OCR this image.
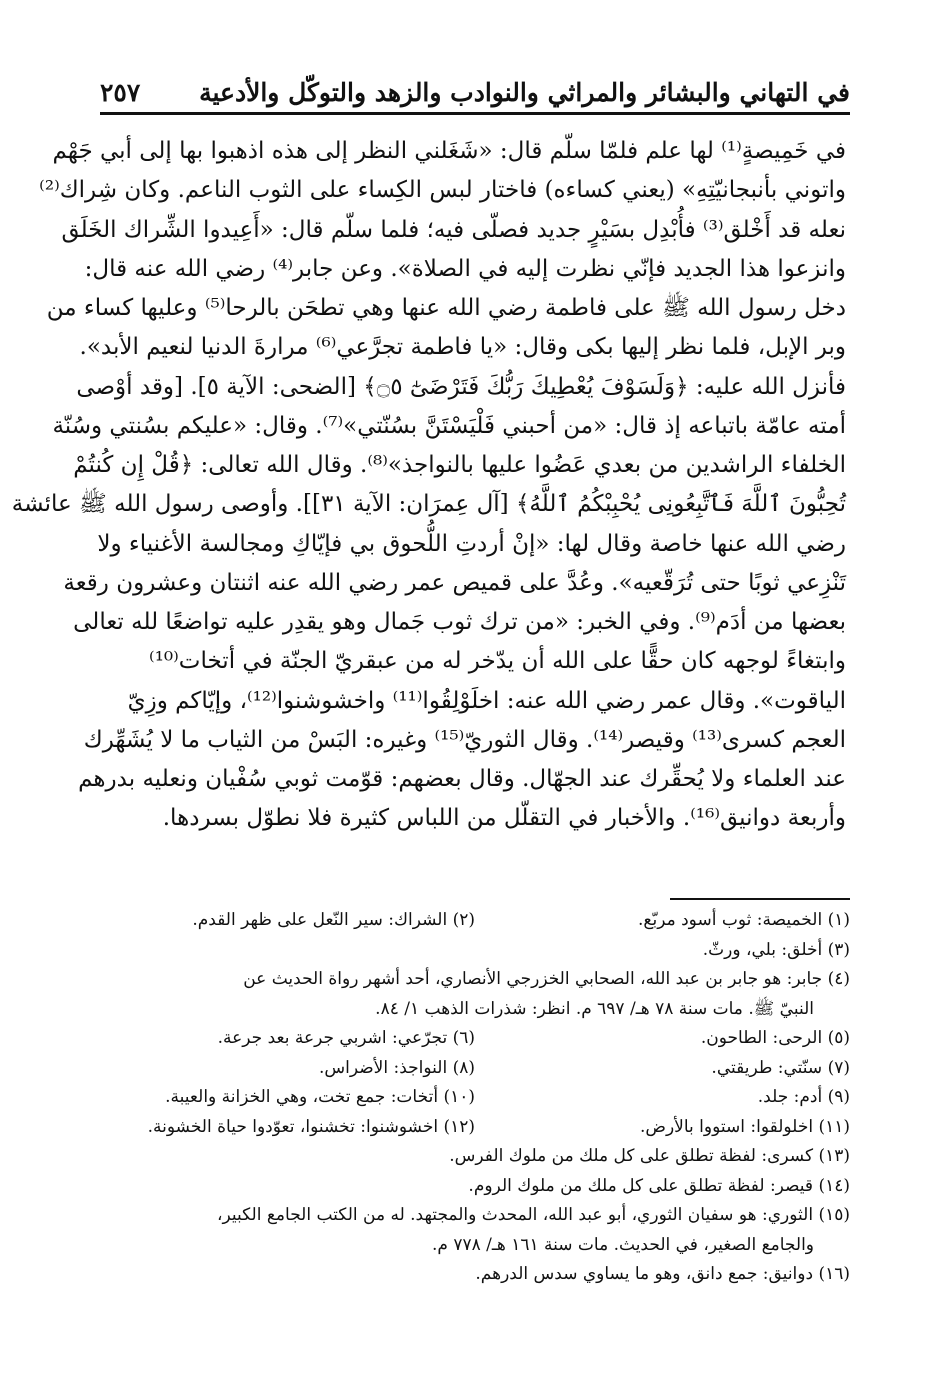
في التهاني والبشائر والمراثي والنوادب والزهد والتوكّل والأدعية
٢٥٧
في خَمِيصةٍ⁽¹⁾ لها علم فلمّا سلّم قال: «شَغَلني النظر إلى هذه اذهبوا بها إلى أبي جَهْم
واتوني بأنبجانيّتِهِ» (يعني كساءه) فاختار لبس الكِساء على الثوب الناعم. وكان شِراك⁽²⁾
نعله قد أَخْلق⁽³⁾ فأُبْدِل بسَيْرٍ جديد فصلّى فيه؛ فلما سلّم قال: «أَعِيدوا الشِّراك الخَلَق
وانزعوا هذا الجديد فإنّي نظرت إليه في الصلاة». وعن جابر⁽⁴⁾ رضي الله عنه قال:
دخل رسول الله ﷺ على فاطمة رضي الله عنها وهي تطحَن بالرحا⁽⁵⁾ وعليها كساء من
وبر الإبل، فلما نظر إليها بكى وقال: «يا فاطمة تجرَّعي⁽⁶⁾ مرارةَ الدنيا لنعيم الأبد».
فأنزل الله عليه: ﴿وَلَسَوْفَ يُعْطِيكَ رَبُّكَ فَتَرْضَىٰٓ ۝٥﴾ [الضحى: الآية ٥]. [وقد أوْصى
أمته عامّة باتباعه إذ قال: «من أحبني فَلْيَسْتَنَّ بسُنّتي»⁽⁷⁾. وقال: «عليكم بسُنتي وسُنّة
الخلفاء الراشدين من بعدي عَضُوا عليها بالنواجذ»⁽⁸⁾. وقال الله تعالى: ﴿قُلْ إِن كُنتُمْ
تُحِبُّونَ ٱللَّهَ فَٱتَّبِعُونِى يُحْبِبْكُمُ ٱللَّهُ﴾ [آل عِمرَان: الآية ٣١]]. وأوصى رسول الله ﷺ عائشة
رضي الله عنها خاصة وقال لها: «إنْ أردتِ اللُّحوق بي فإيّاكِ ومجالسة الأغنياء ولا
تَنْزِعي ثوبًا حتى تُرَقّعيه». وعُدَّ على قميص عمر رضي الله عنه اثنتان وعشرون رقعة
بعضها من أدَم⁽⁹⁾. وفي الخبر: «من ترك ثوب جَمال وهو يقدِر عليه تواضعًا لله تعالى
وابتغاءً لوجهه كان حقًّا على الله أن يدّخر له من عبقريّ الجنّة في أتخات⁽¹⁰⁾
الياقوت». وقال عمر رضي الله عنه: اخلَوْلِقُوا⁽¹¹⁾ واخشوشنوا⁽¹²⁾، وإيّاكم وزِيّ
العجم كسرى⁽¹³⁾ وقيصر⁽¹⁴⁾. وقال الثوريّ⁽¹⁵⁾ وغيره: البَسْ من الثياب ما لا يُشَهِّرك
عند العلماء ولا يُحقِّرك عند الجهّال. وقال بعضهم: قوّمت ثوبي سُفْيان ونعليه بدرهم
وأربعة دوانيق⁽¹⁶⁾. والأخبار في التقلّل من اللباس كثيرة فلا نطوّل بسردها.
(١) الخميصة: ثوب أسود مربّع.
(٢) الشراك: سير النّعل على ظهر القدم.
(٣) أخلق: بلي، ورثّ.
(٤) جابر: هو جابر بن عبد الله، الصحابي الخزرجي الأنصاري، أحد أشهر رواة الحديث عن
النبيّ ﷺ. مات سنة ٧٨ هـ/ ٦٩٧ م. انظر: شذرات الذهب ١/ ٨٤.
(٥) الرحى: الطاحون.
(٦) تجرّعي: اشربي جرعة بعد جرعة.
(٧) سنّتي: طريقتي.
(٨) النواجذ: الأضراس.
(٩) أدم: جلد.
(١٠) أتخات: جمع تخت، وهي الخزانة والعيبة.
(١١) اخلولقوا: استووا بالأرض.
(١٢) اخشوشنوا: تخشنوا، تعوّدوا حياة الخشونة.
(١٣) كسرى: لفظة تطلق على كل ملك من ملوك الفرس.
(١٤) قيصر: لفظة تطلق على كل ملك من ملوك الروم.
(١٥) الثوري: هو سفيان الثوري، أبو عبد الله، المحدث والمجتهد. له من الكتب الجامع الكبير،
والجامع الصغير، في الحديث. مات سنة ١٦١ هـ/ ٧٧٨ م.
(١٦) دوانيق: جمع دانق، وهو ما يساوي سدس الدرهم.
